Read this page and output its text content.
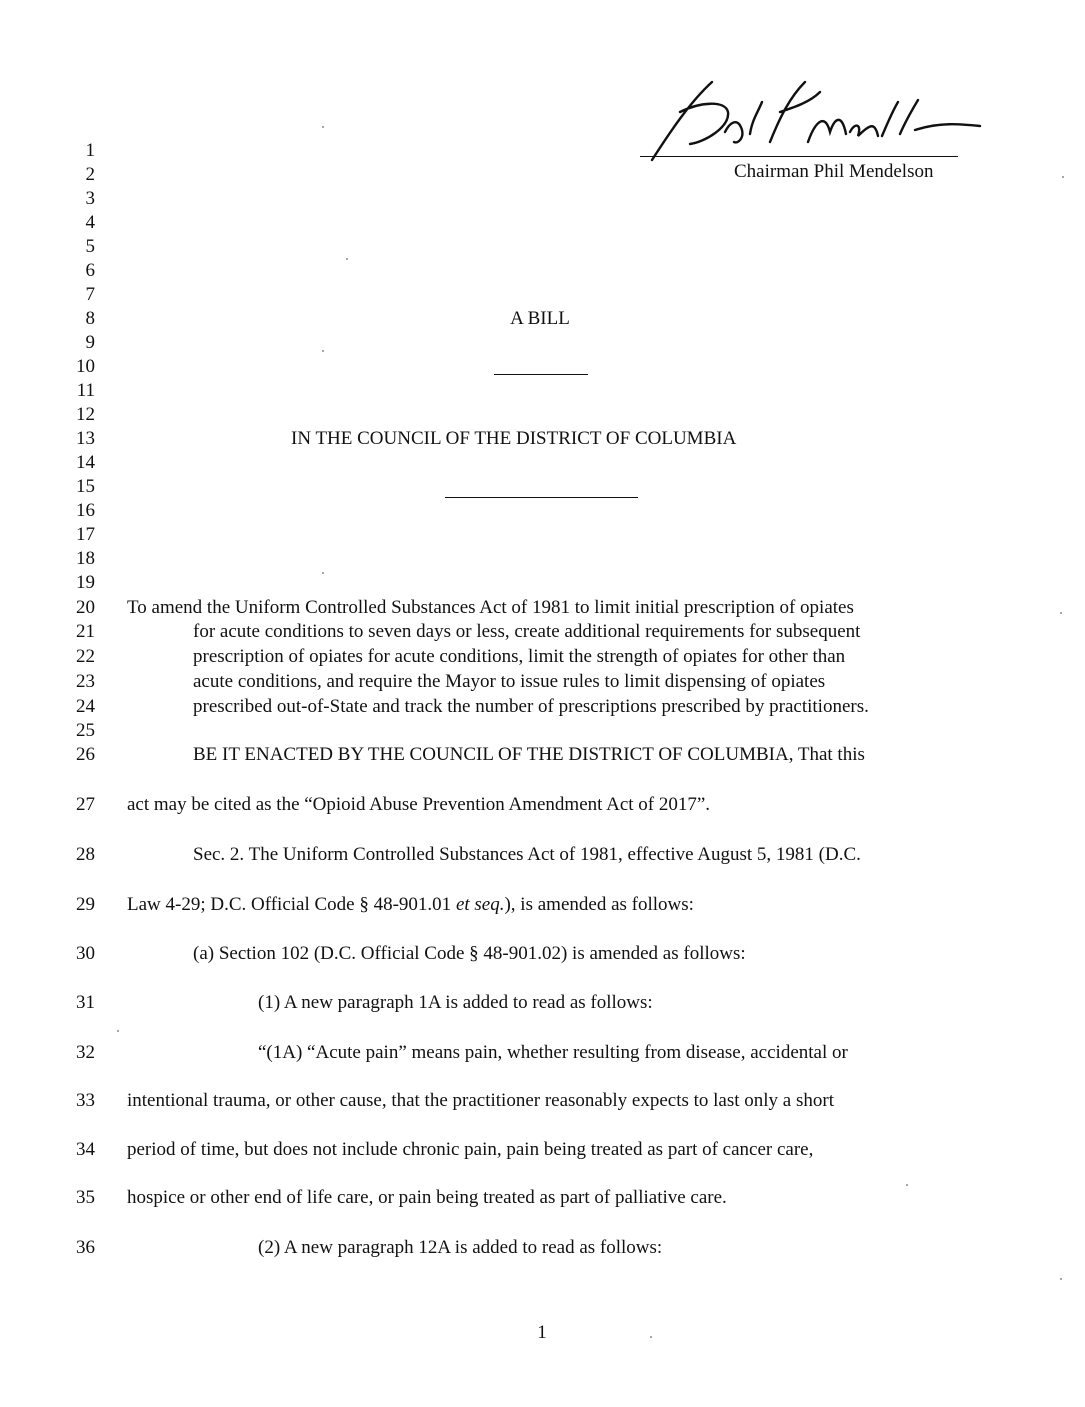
Chairman Phil Mendelson
1
2
3
4
5
6
7
8
9
10
11
12
13
14
15
16
17
18
19
20
21
22
23
24
25
26
27
28
29
30
31
32
33
34
35
36
A BILL
IN THE COUNCIL OF THE DISTRICT OF COLUMBIA
To amend the Uniform Controlled Substances Act of 1981 to limit initial prescription of opiates
for acute conditions to seven days or less, create additional requirements for subsequent
prescription of opiates for acute conditions, limit the strength of opiates for other than
acute conditions, and require the Mayor to issue rules to limit dispensing of opiates
prescribed out-of-State and track the number of prescriptions prescribed by practitioners.
BE IT ENACTED BY THE COUNCIL OF THE DISTRICT OF COLUMBIA, That this
act may be cited as the “Opioid Abuse Prevention Amendment Act of 2017”.
Sec. 2. The Uniform Controlled Substances Act of 1981, effective August 5, 1981 (D.C.
Law 4-29; D.C. Official Code § 48-901.01 et seq.), is amended as follows:
(a) Section 102 (D.C. Official Code § 48-901.02) is amended as follows:
(1) A new paragraph 1A is added to read as follows:
“(1A) “Acute pain” means pain, whether resulting from disease, accidental or
intentional trauma, or other cause, that the practitioner reasonably expects to last only a short
period of time, but does not include chronic pain, pain being treated as part of cancer care,
hospice or other end of life care, or pain being treated as part of palliative care.
(2) A new paragraph 12A is added to read as follows:
1
